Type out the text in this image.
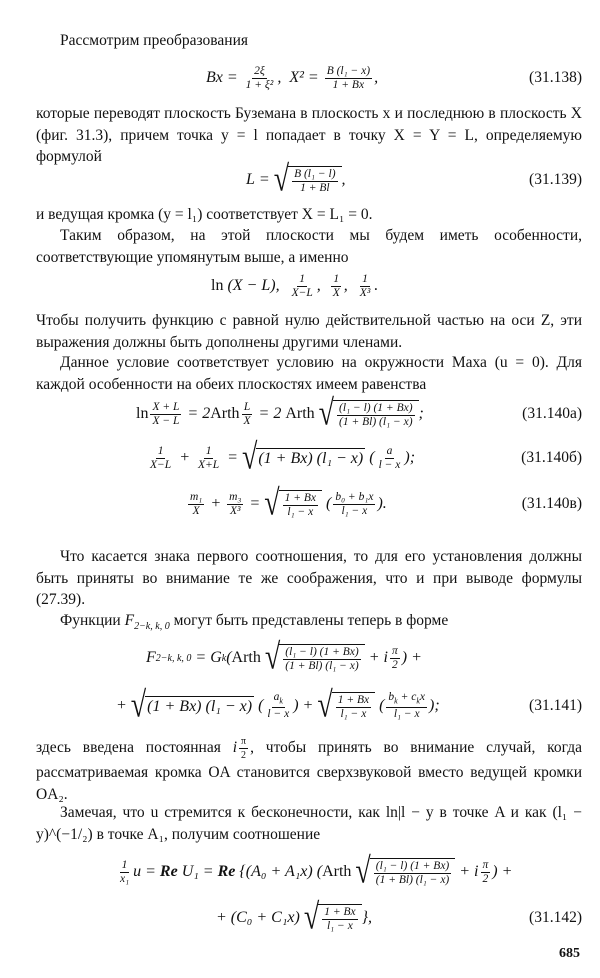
Рассмотрим преобразования
Bx = 2ξ
1 + ξ² ,  X² = B (l₁ − x)
1 + Bx ,	(31.138)
которые переводят плоскость Буземана в плоскость x и последнюю в плоскость X (фиг. 31.3), причем точка y = l попадает в точку X = Y = L, определяемую формулой
L = √ B (l₁ − l)
1 + Bl ,	(31.139)
и ведущая кромка (y = l₁) соответствует X = L₁ = 0.
Таким образом, на этой плоскости мы будем иметь особенности, соответствующие упомянутым выше, а именно
ln (X − L), 1
X−L , 1
X , 1
X³ .
Чтобы получить функцию с равной нулю действительной частью на оси Z, эти выражения должны быть дополнены другими членами.
Данное условие соответствует условию на окружности Маха (u = 0). Для каждой особенности на обеих плоскостях имеем равенства
ln X + L
X − L = 2 Arth L
X = 2 Arth
√ (l₁ − l) (1 + Bx)
(1 + Bl) (l₁ − x) ;	(31.140а)
1
X−L + 1
X+L = √ (1 + Bx) (l₁ − x) ( a
l − x );	(31.140б)
m₁
X + m₃
X³ = √ 1 + Bx
l₁ − x ( b₀ + b₁x
l₁ − x ).	(31.140в)
Что касается знака первого соотношения, то для его установления должны быть приняты во внимание те же соображения, что и при выводе формулы (27.39).
Функции $F_{2-k, k, 0}$ могут быть представлены теперь в форме
F 2−k, k, 0 = G k ( Arth
√ (l₁ − l) (1 + Bx)
(1 + Bl) (l₁ − x) + i π
2 ) +
+ √ (1 + Bx) (l₁ − x) (
$a_k$
l − x
) + √ 1 + Bx
l₁ − x (
$b_k + c_kx$
l₁ − x
);	(31.141)
здесь введена постоянная i $\frac{\pi}{2}$ , чтобы принять во внимание случай, когда рассматриваемая кромка OA становится сверхзвуковой вместо ведущей кромки OA₂.
Замечая, что u стремится к бесконечности, как ln|l − y в точке A и как (l₁ − y)^(−1/₂) в точке A₁, получим соотношение
1
x₁ u = Re U₁ = Re {(A₀ + A₁x) ( Arth
√ (l₁ − l) (1 + Bx)
(1 + Bl) (l₁ − x) + i π
2 ) +
+ (C₀ + C₁x) √ 1 + Bx
l₁ − x },	(31.142)
685
